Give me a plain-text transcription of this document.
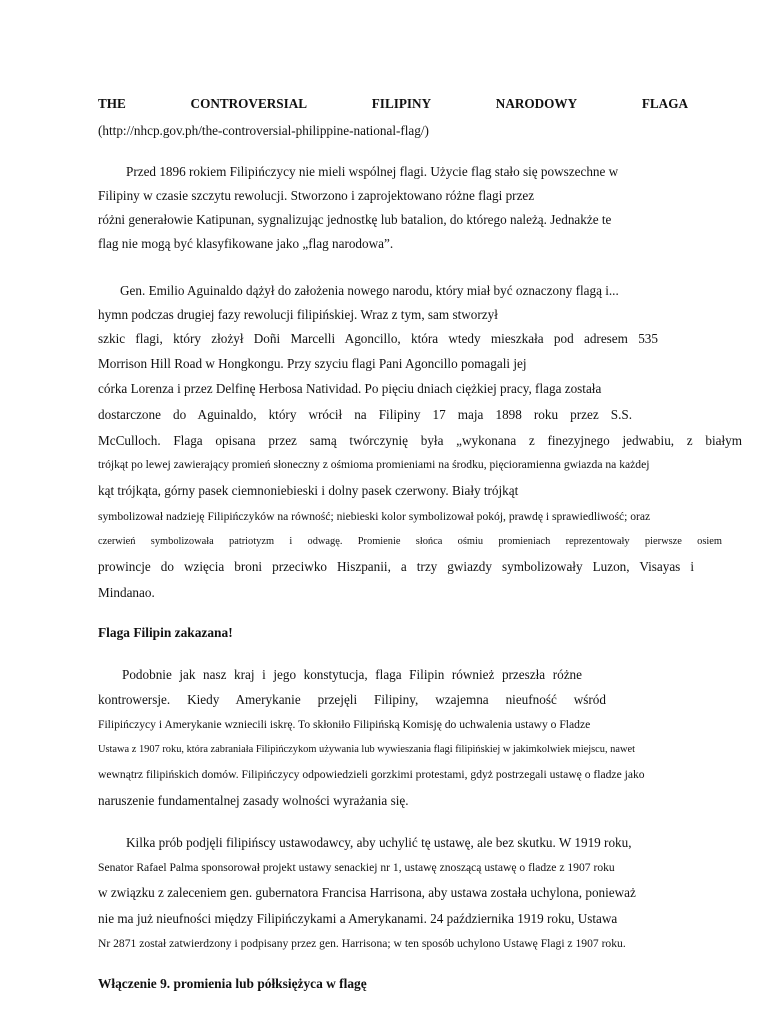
THE	CONTROVERSIAL	FILIPINY	NARODOWY	FLAGA
(http://nhcp.gov.ph/the-controversial-philippine-national-flag/)
Przed 1896 rokiem Filipińczycy nie mieli wspólnej flagi. Użycie flag stało się powszechne w
Filipiny w czasie szczytu rewolucji. Stworzono i zaprojektowano różne flagi przez
różni generałowie Katipunan, sygnalizując jednostkę lub batalion, do którego należą. Jednakże te
flag nie mogą być klasyfikowane jako „flag narodowa”.
Gen. Emilio Aguinaldo dążył do założenia nowego narodu, który miał być oznaczony flagą i...
hymn podczas drugiej fazy rewolucji filipińskiej. Wraz z tym, sam stworzył
szkic flagi, który złożył Doñi Marcelli Agoncillo, która wtedy mieszkała pod adresem 535
Morrison Hill Road w Hongkongu. Przy szyciu flagi Pani Agoncillo pomagali jej
córka Lorenza i przez Delfinę Herbosa Natividad. Po pięciu dniach ciężkiej pracy, flaga została
dostarczone do Aguinaldo, który wrócił na Filipiny 17 maja 1898 roku przez S.S.
McCulloch. Flaga opisana przez samą twórczynię była „wykonana z finezyjnego jedwabiu, z białym
trójkąt po lewej zawierający promień słoneczny z ośmioma promieniami na środku, pięcioramienna gwiazda na każdej
kąt trójkąta, górny pasek ciemnoniebieski i dolny pasek czerwony. Biały trójkąt
symbolizował nadzieję Filipińczyków na równość; niebieski kolor symbolizował pokój, prawdę i sprawiedliwość; oraz
czerwień symbolizowała patriotyzm i odwagę. Promienie słońca ośmiu promieniach reprezentowały pierwsze osiem
prowincje do wzięcia broni przeciwko Hiszpanii, a trzy gwiazdy symbolizowały Luzon, Visayas i
Mindanao.
Flaga Filipin zakazana!
Podobnie jak nasz kraj i jego konstytucja, flaga Filipin również przeszła różne
kontrowersje. Kiedy Amerykanie przejęli Filipiny, wzajemna nieufność wśród
Filipińczycy i Amerykanie wzniecili iskrę. To skłoniło Filipińską Komisję do uchwalenia ustawy o Fladze
Ustawa z 1907 roku, która zabraniała Filipińczykom używania lub wywieszania flagi filipińskiej w jakimkolwiek miejscu, nawet
wewnątrz filipińskich domów. Filipińczycy odpowiedzieli gorzkimi protestami, gdyż postrzegali ustawę o fladze jako
naruszenie fundamentalnej zasady wolności wyrażania się.
Kilka prób podjęli filipińscy ustawodawcy, aby uchylić tę ustawę, ale bez skutku. W 1919 roku,
Senator Rafael Palma sponsorował projekt ustawy senackiej nr 1, ustawę znoszącą ustawę o fladze z 1907 roku
w związku z zaleceniem gen. gubernatora Francisa Harrisona, aby ustawa została uchylona, ponieważ
nie ma już nieufności między Filipińczykami a Amerykanami. 24 października 1919 roku, Ustawa
Nr 2871 został zatwierdzony i podpisany przez gen. Harrisona; w ten sposób uchylono Ustawę Flagi z 1907 roku.
Włączenie 9. promienia lub półksiężyca w flagę
